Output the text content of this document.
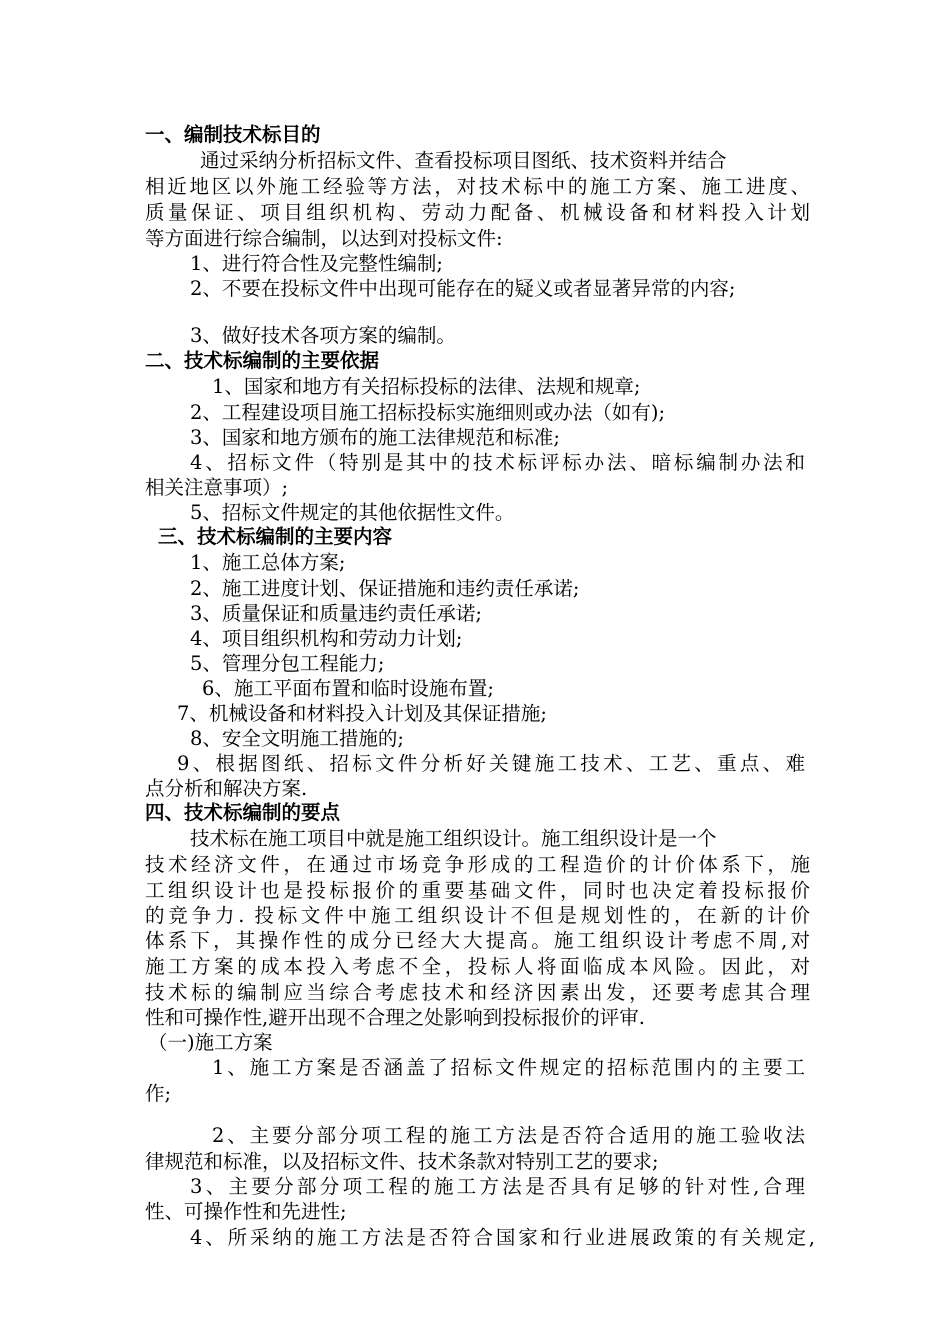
一、编制技术标目的
通过采纳分析招标文件、查看投标项目图纸、技术资料并结合
相近地区以外施工经验等方法，对技术标中的施工方案、施工进度、
质量保证、项目组织机构、劳动力配备、机械设备和材料投入计划
等方面进行综合编制，以达到对投标文件:
1、进行符合性及完整性编制;
2、不要在投标文件中出现可能存在的疑义或者显著异常的内容;
3、做好技术各项方案的编制。
二、技术标编制的主要依据
1、国家和地方有关招标投标的法律、法规和规章;
2、工程建设项目施工招标投标实施细则或办法（如有);
3、国家和地方颁布的施工法律规范和标准;
4、招标文件（特别是其中的技术标评标办法、暗标编制办法和
相关注意事项）;
5、招标文件规定的其他依据性文件。
三、技术标编制的主要内容
1、施工总体方案;
2、施工进度计划、保证措施和违约责任承诺;
3、质量保证和质量违约责任承诺;
4、项目组织机构和劳动力计划;
5、管理分包工程能力;
6、施工平面布置和临时设施布置;
7、机械设备和材料投入计划及其保证措施;
8、安全文明施工措施的;
9、根据图纸、招标文件分析好关键施工技术、工艺、重点、难
点分析和解决方案.
四、技术标编制的要点
技术标在施工项目中就是施工组织设计。施工组织设计是一个
技术经济文件，在通过市场竞争形成的工程造价的计价体系下，施
工组织设计也是投标报价的重要基础文件，同时也决定着投标报价
的竞争力. 投标文件中施工组织设计不但是规划性的，在新的计价
体系下，其操作性的成分已经大大提高。施工组织设计考虑不周,对
施工方案的成本投入考虑不全，投标人将面临成本风险。因此，对
技术标的编制应当综合考虑技术和经济因素出发，还要考虑其合理
性和可操作性,避开出现不合理之处影响到投标报价的评审.
（一)施工方案
1、施工方案是否涵盖了招标文件规定的招标范围内的主要工
作;
2、主要分部分项工程的施工方法是否符合适用的施工验收法
律规范和标准，以及招标文件、技术条款对特别工艺的要求;
3、主要分部分项工程的施工方法是否具有足够的针对性,合理
性、可操作性和先进性;
4、所采纳的施工方法是否符合国家和行业进展政策的有关规定,
